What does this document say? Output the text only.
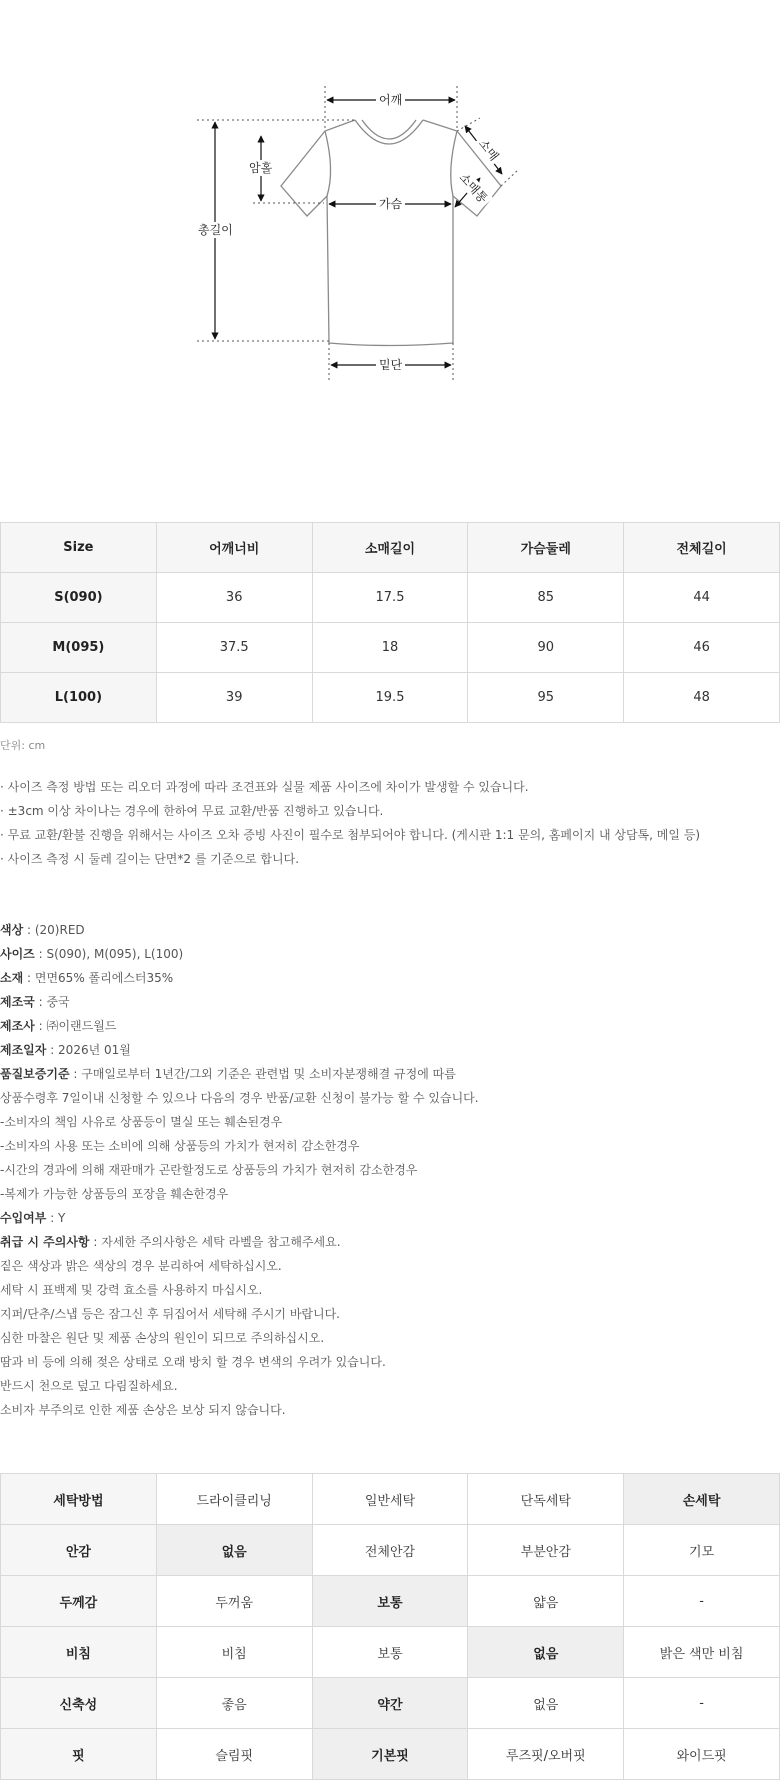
어깨
암홀
총길이
가슴
소매
소매통
밑단
Size	어깨너비	소매길이	가슴둘레	전체길이
S(090)	36	17.5	85	44
M(095)	37.5	18	90	46
L(100)	39	19.5	95	48
단위: cm
· 사이즈 측정 방법 또는 리오더 과정에 따라 조견표와 실물 제품 사이즈에 차이가 발생할 수 있습니다.
· ±3cm 이상 차이나는 경우에 한하여 무료 교환/반품 진행하고 있습니다.
· 무료 교환/환불 진행을 위해서는 사이즈 오차 증빙 사진이 필수로 첨부되어야 합니다. (게시판 1:1 문의, 홈페이지 내 상담톡, 메일 등)
· 사이즈 측정 시 둘레 길이는 단면*2 를 기준으로 합니다.
색상 : (20)RED
사이즈 : S(090), M(095), L(100)
소재 : 면면65% 폴리에스터35%
제조국 : 중국
제조사 : ㈜이랜드월드
제조일자 : 2026년 01월
품질보증기준 : 구매일로부터 1년간/그외 기준은 관련법 및 소비자분쟁해결 규정에 따름
상품수령후 7일이내 신청할 수 있으나 다음의 경우 반품/교환 신청이 불가능 할 수 있습니다.
-소비자의 책임 사유로 상품등이 멸실 또는 훼손된경우
-소비자의 사용 또는 소비에 의해 상품등의 가치가 현저히 감소한경우
-시간의 경과에 의해 재판매가 곤란할정도로 상품등의 가치가 현저히 감소한경우
-복제가 가능한 상품등의 포장을 훼손한경우
수입여부 : Y
취급 시 주의사항 : 자세한 주의사항은 세탁 라벨을 참고해주세요.
짙은 색상과 밝은 색상의 경우 분리하여 세탁하십시오.
세탁 시 표백제 및 강력 효소를 사용하지 마십시오.
지퍼/단추/스냅 등은 잠그신 후 뒤집어서 세탁해 주시기 바랍니다.
심한 마찰은 원단 및 제품 손상의 원인이 되므로 주의하십시오.
땀과 비 등에 의해 젖은 상태로 오래 방치 할 경우 변색의 우려가 있습니다.
반드시 천으로 덮고 다림질하세요.
소비자 부주의로 인한 제품 손상은 보상 되지 않습니다.
세탁방법	드라이클리닝	일반세탁	단독세탁	손세탁
안감	없음	전체안감	부분안감	기모
두께감	두꺼움	보통	얇음	-
비침	비침	보통	없음	밝은 색만 비침
신축성	좋음	약간	없음	-
핏	슬림핏	기본핏	루즈핏/오버핏	와이드핏
